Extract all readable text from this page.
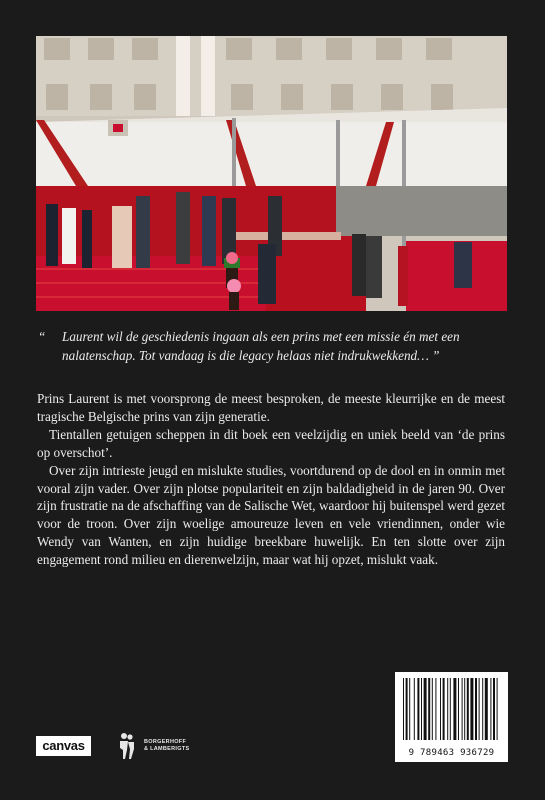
“ Laurent wil de geschiedenis ingaan als een prins met een missie én met een nalatenschap. Tot vandaag is die legacy helaas niet indrukwekkend… ”

Prins Laurent is met voorsprong de meest besproken, de meeste kleurrijke en de meest tragische Belgische prins van zijn generatie.

Tientallen getuigen scheppen in dit boek een veelzijdig en uniek beeld van ‘de prins op overschot’.

Over zijn intrieste jeugd en mislukte studies, voortdurend op de dool en in onmin met vooral zijn vader. Over zijn plotse populariteit en zijn baldadigheid in de jaren 90. Over zijn frustratie na de afschaffing van de Salische Wet, waardoor hij buitenspel werd gezet voor de troon. Over zijn woelige amoureuze leven en vele vriendinnen, onder wie Wendy van Wanten, en zijn huidige breekbare huwelijk. En ten slotte over zijn engagement rond milieu en dierenwelzijn, maar wat hij opzet, mislukt vaak.

canvas	BORGERHOFF
& LAMBERIGTS	9 789463 936729
